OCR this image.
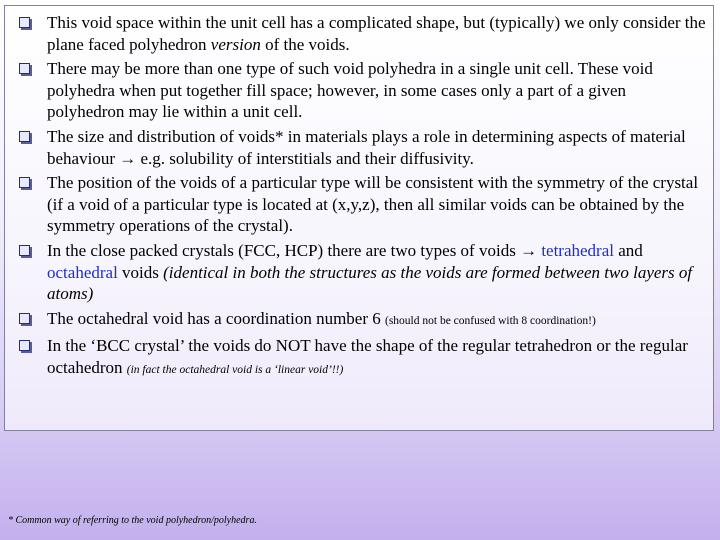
This void space within the unit cell has a complicated shape, but (typically) we only consider the plane faced polyhedron version of the voids.
There may be more than one type of such void polyhedra in a single unit cell. These void polyhedra when put together fill space; however, in some cases only a part of a given polyhedron may lie within a unit cell.
The size and distribution of voids* in materials plays a role in determining aspects of material behaviour → e.g. solubility of interstitials and their diffusivity.
The position of the voids of a particular type will be consistent with the symmetry of the crystal (if a void of a particular type is located at (x,y,z), then all similar voids can be obtained by the symmetry operations of the crystal).
In the close packed crystals (FCC, HCP) there are two types of voids → tetrahedral and octahedral voids (identical in both the structures as the voids are formed between two layers of atoms)
The octahedral void has a coordination number 6 (should not be confused with 8 coordination!)
In the ‘BCC crystal’ the voids do NOT have the shape of the regular tetrahedron or the regular octahedron (in fact the octahedral void is a ‘linear void’!!)
* Common way of referring to the void polyhedron/polyhedra.
